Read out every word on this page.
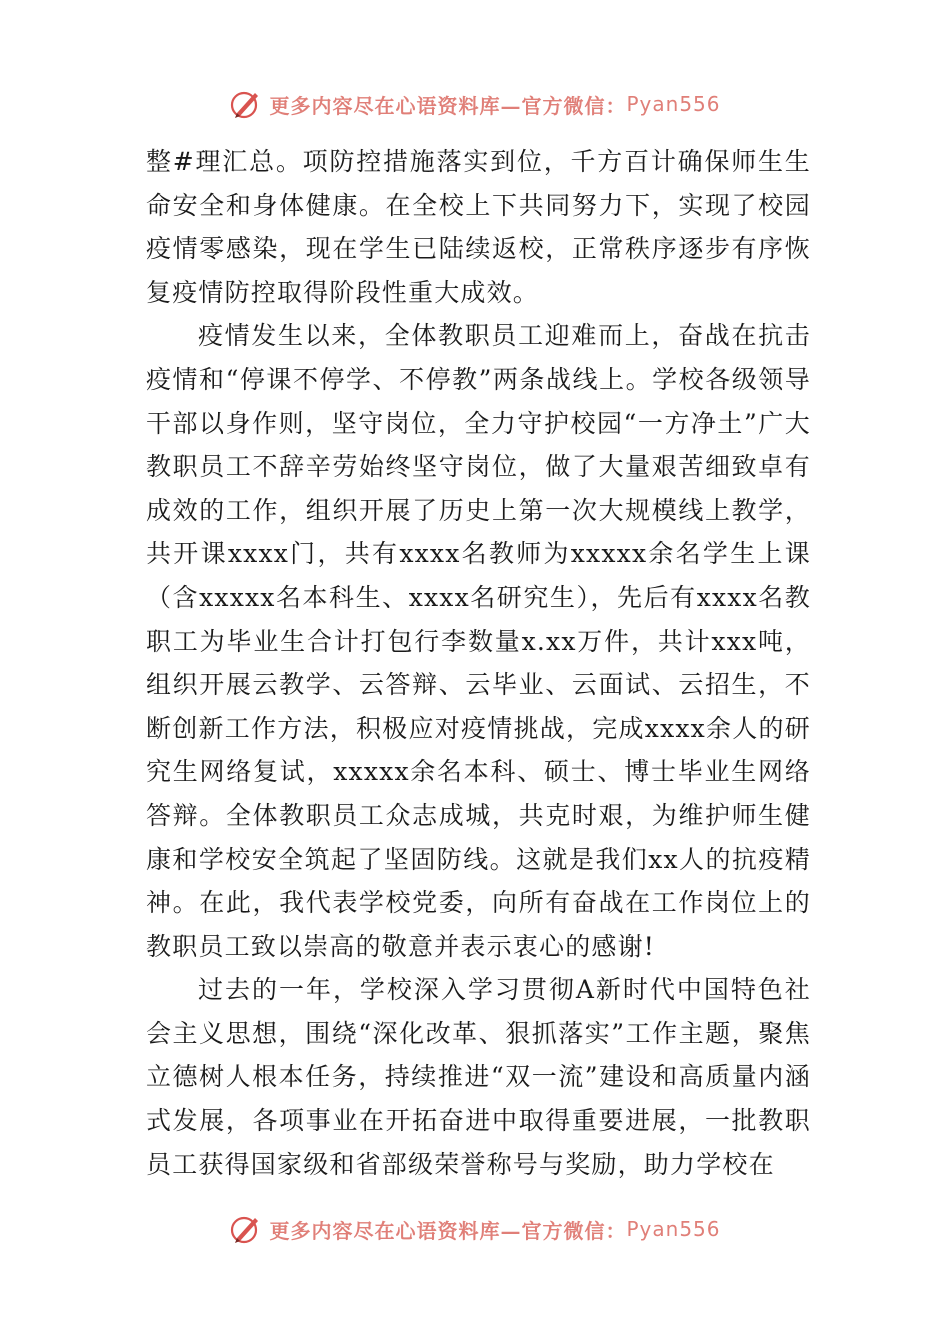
更多内容尽在心语资料库—官方微信： Pyan556

整#理汇总。项防控措施落实到位，千方百计确保师生生命安全和身体健康。在全校上下共同努力下，实现了校园疫情零感染，现在学生已陆续返校，正常秩序逐步有序恢复疫情防控取得阶段性重大成效。

疫情发生以来，全体教职员工迎难而上，奋战在抗击疫情和“停课不停学、不停教”两条战线上。学校各级领导干部以身作则，坚守岗位，全力守护校园“一方净土”广大教职员工不辞辛劳始终坚守岗位，做了大量艰苦细致卓有成效的工作，组织开展了历史上第一次大规模线上教学，共开课xxxx门，共有xxxx名教师为xxxxx余名学生上课（含xxxxx名本科生、xxxx名研究生），先后有xxxx名教职工为毕业生合计打包行李数量x.xx万件，共计xxx吨，组织开展云教学、云答辩、云毕业、云面试、云招生，不断创新工作方法，积极应对疫情挑战，完成xxxx余人的研究生网络复试，xxxxx余名本科、硕士、博士毕业生网络答辩。全体教职员工众志成城，共克时艰，为维护师生健康和学校安全筑起了坚固防线。这就是我们xx人的抗疫精神。在此，我代表学校党委，向所有奋战在工作岗位上的教职员工致以崇高的敬意并表示衷心的感谢!

过去的一年，学校深入学习贯彻A新时代中国特色社会主义思想，围绕“深化改革、狠抓落实”工作主题，聚焦立德树人根本任务，持续推进“双一流”建设和高质量内涵式发展，各项事业在开拓奋进中取得重要进展，一批教职员工获得国家级和省部级荣誉称号与奖励，助力学校在

更多内容尽在心语资料库—官方微信： Pyan556
